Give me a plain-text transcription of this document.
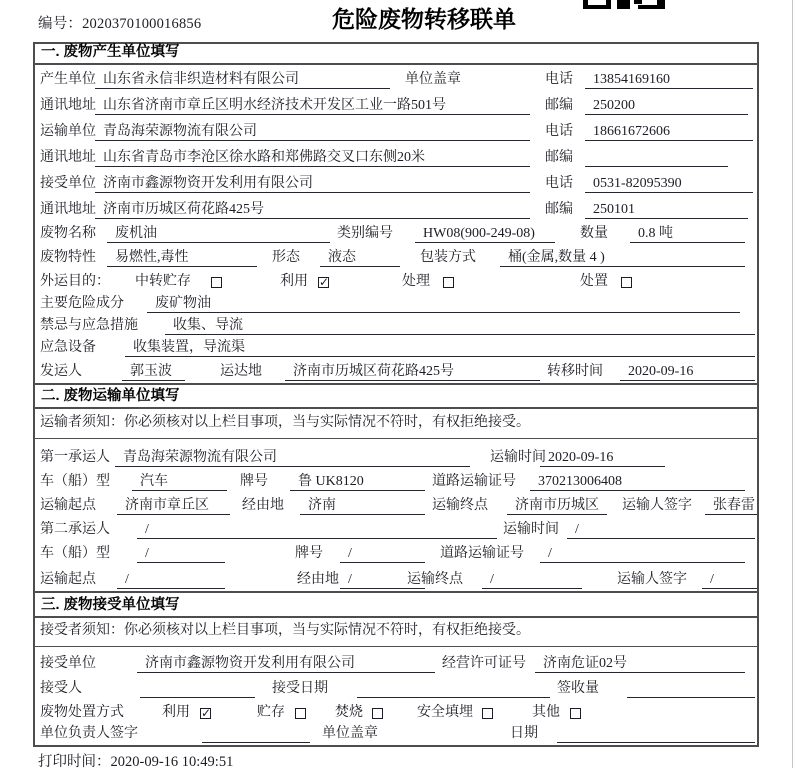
编号：2020370100016856	危险废物转移联单
一. 废物产生单位填写
产生单位 山东省永信非织造材料有限公司	单位盖章	电话	13854169160
通讯地址 山东省济南市章丘区明水经济技术开发区工业一路501号	邮编	250200
运输单位 青岛海荣源物流有限公司	电话	18661672606
通讯地址 山东省青岛市李沧区徐水路和郑佛路交叉口东侧20米	邮编
接受单位 济南市鑫源物资开发利用有限公司	电话	0531-82095390
通讯地址 济南市历城区荷花路425号	邮编	250101
废物名称	废机油	类别编号	HW08(900-249-08)	数量	0.8 吨
废物特性	易燃性,毒性	形态	液态	包装方式	桶(金属,数量 4 )
外运目的： 中转贮存	利用 ✓	处理	处置
主要危险成分	废矿物油
禁忌与应急措施	收集、导流
应急设备	收集装置，导流渠
发运人	郭玉波	运达地	济南市历城区荷花路425号	转移时间	2020-09-16
二. 废物运输单位填写
运输者须知：你必须核对以上栏目事项，当与实际情况不符时，有权拒绝接受。
第一承运人 青岛海荣源物流有限公司	运输时间 2020-09-16
车（船）型	汽车	牌号	鲁 UK8120	道路运输证号	370213006408
运输起点	济南市章丘区	经由地	济南	运输终点	济南市历城区	运输人签字	张春雷
第二承运人	/	运输时间	/
车（船）型	/	牌号	/	道路运输证号	/
运输起点	/	经由地 /	运输终点	/	运输人签字	/
三. 废物接受单位填写
接受者须知：你必须核对以上栏目事项，当与实际情况不符时，有权拒绝接受。
接受单位	济南市鑫源物资开发利用有限公司	经营许可证号	济南危证02号
接受人	接受日期	签收量
废物处置方式	利用 ✓	贮存	焚烧	安全填埋	其他
单位负责人签字	单位盖章	日期
打印时间：2020-09-16 10:49:51
